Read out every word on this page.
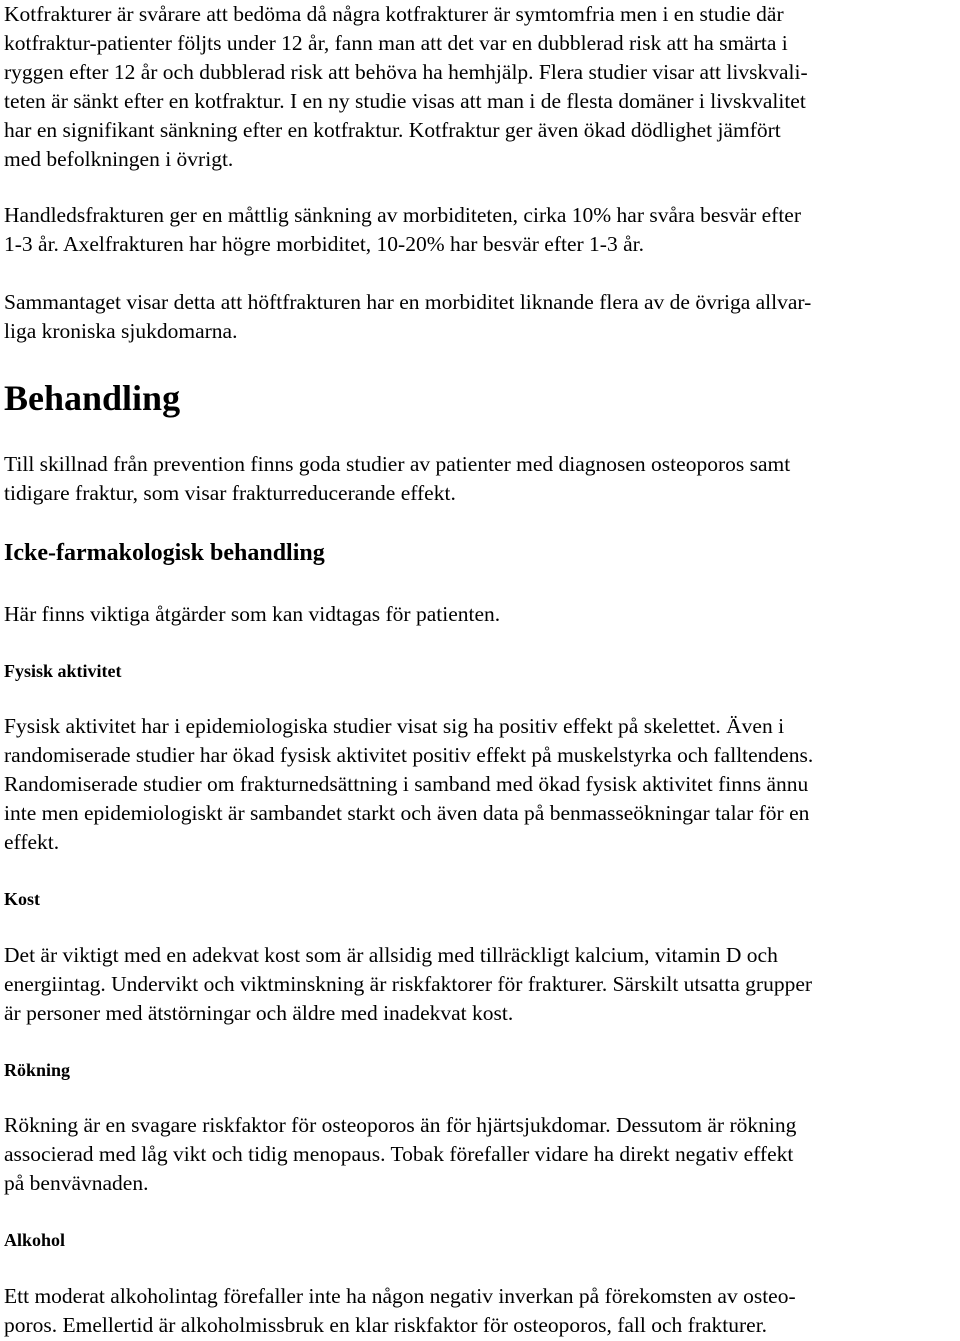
Kotfrakturer är svårare att bedöma då några kotfrakturer är symtomfria men i en studie där

kotfraktur-patienter följts under 12 år, fann man att det var en dubblerad risk att ha smärta i

ryggen efter 12 år och dubblerad risk att behöva ha hemhjälp. Flera studier visar att livskvali-

teten är sänkt efter en kotfraktur. I en ny studie visas att man i de flesta domäner i livskvalitet

har en signifikant sänkning efter en kotfraktur. Kotfraktur ger även ökad dödlighet jämfört

med befolkningen i övrigt.

Handledsfrakturen ger en måttlig sänkning av morbiditeten, cirka 10% har svåra besvär efter

1-3 år. Axelfrakturen har högre morbiditet, 10-20% har besvär efter 1-3 år.

Sammantaget visar detta att höftfrakturen har en morbiditet liknande flera av de övriga allvar-

liga kroniska sjukdomarna.

Behandling

Till skillnad från prevention finns goda studier av patienter med diagnosen osteoporos samt

tidigare fraktur, som visar frakturreducerande effekt.

Icke-farmakologisk behandling

Här finns viktiga åtgärder som kan vidtagas för patienten.

Fysisk aktivitet

Fysisk aktivitet har i epidemiologiska studier visat sig ha positiv effekt på skelettet. Även i

randomiserade studier har ökad fysisk aktivitet positiv effekt på muskelstyrka och falltendens.

Randomiserade studier om frakturnedsättning i samband med ökad fysisk aktivitet finns ännu

inte men epidemiologiskt är sambandet starkt och även data på benmasseökningar talar för en

effekt.

Kost

Det är viktigt med en adekvat kost som är allsidig med tillräckligt kalcium, vitamin D och

energiintag. Undervikt och viktminskning är riskfaktorer för frakturer. Särskilt utsatta grupper

är personer med ätstörningar och äldre med inadekvat kost.

Rökning

Rökning är en svagare riskfaktor för osteoporos än för hjärtsjukdomar. Dessutom är rökning

associerad med låg vikt och tidig menopaus. Tobak förefaller vidare ha direkt negativ effekt

på benvävnaden.

Alkohol

Ett moderat alkoholintag förefaller inte ha någon negativ inverkan på förekomsten av osteo-

poros. Emellertid är alkoholmissbruk en klar riskfaktor för osteoporos, fall och frakturer.
